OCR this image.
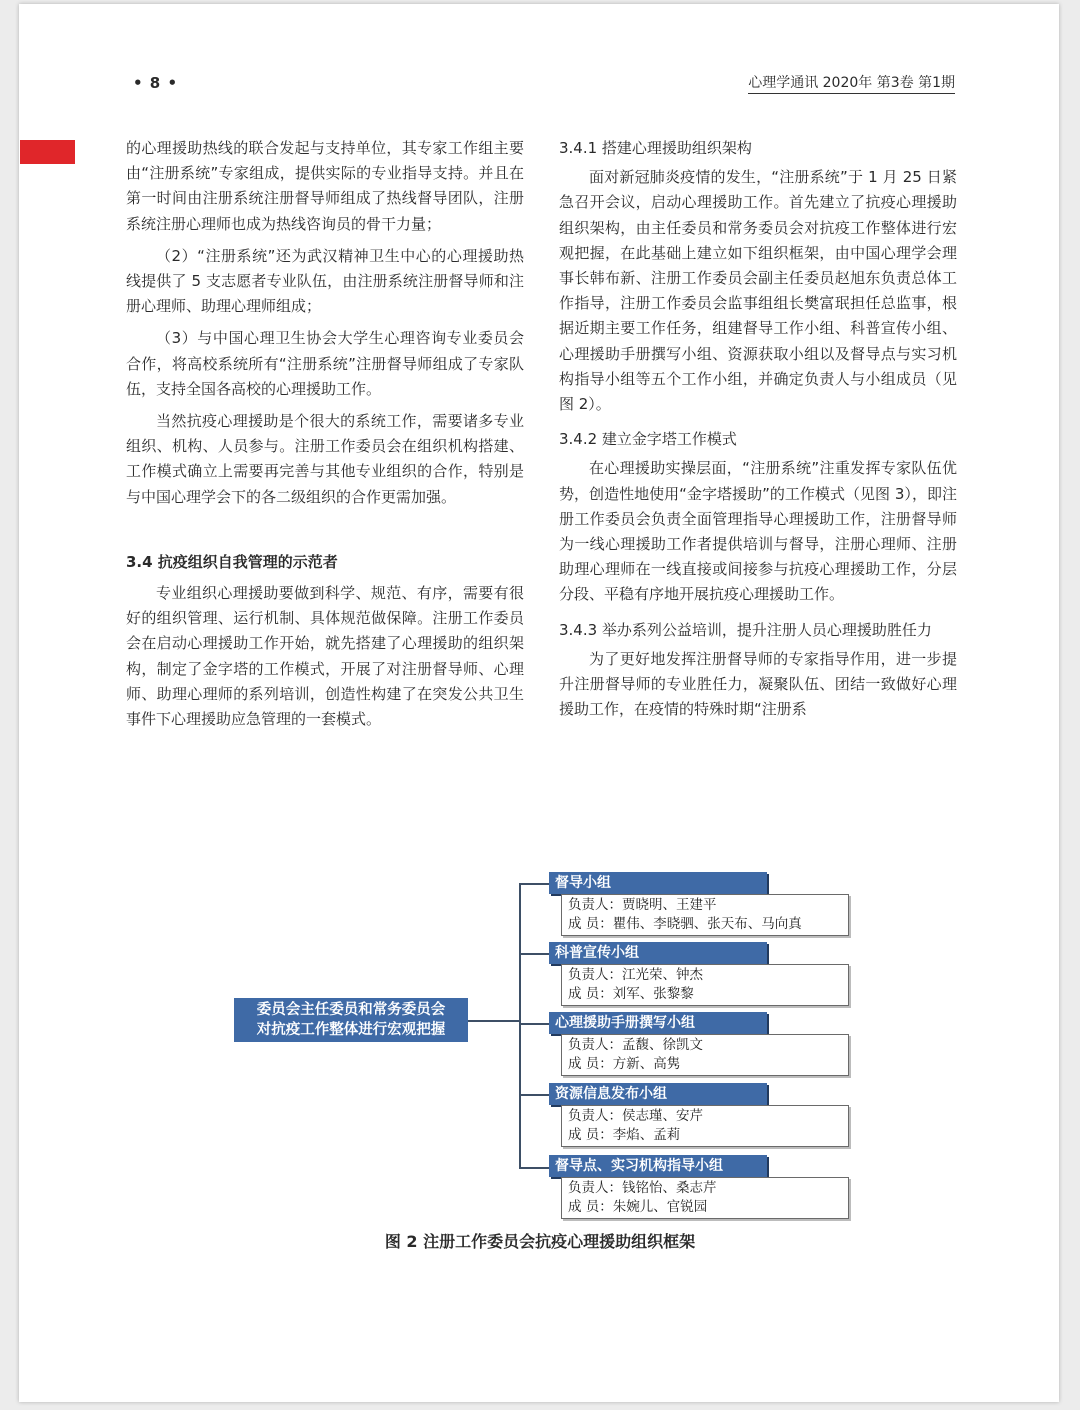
• 8 •	心理学通讯 2020年 第3卷 第1期

的心理援助热线的联合发起与支持单位，其专家工作组主要由“注册系统”专家组成，提供实际的专业指导支持。并且在第一时间由注册系统注册督导师组成了热线督导团队，注册系统注册心理师也成为热线咨询员的骨干力量；

（2）“注册系统”还为武汉精神卫生中心的心理援助热线提供了 5 支志愿者专业队伍，由注册系统注册督导师和注册心理师、助理心理师组成；

（3）与中国心理卫生协会大学生心理咨询专业委员会合作，将高校系统所有“注册系统”注册督导师组成了专家队伍，支持全国各高校的心理援助工作。

当然抗疫心理援助是个很大的系统工作，需要诸多专业组织、机构、人员参与。注册工作委员会在组织机构搭建、工作模式确立上需要再完善与其他专业组织的合作，特别是与中国心理学会下的各二级组织的合作更需加强。

3.4 抗疫组织自我管理的示范者

专业组织心理援助要做到科学、规范、有序，需要有很好的组织管理、运行机制、具体规范做保障。注册工作委员会在启动心理援助工作开始，就先搭建了心理援助的组织架构，制定了金字塔的工作模式，开展了对注册督导师、心理师、助理心理师的系列培训，创造性构建了在突发公共卫生事件下心理援助应急管理的一套模式。

3.4.1 搭建心理援助组织架构

面对新冠肺炎疫情的发生，“注册系统”于 1 月 25 日紧急召开会议，启动心理援助工作。首先建立了抗疫心理援助组织架构，由主任委员和常务委员会对抗疫工作整体进行宏观把握，在此基础上建立如下组织框架，由中国心理学会理事长韩布新、注册工作委员会副主任委员赵旭东负责总体工作指导，注册工作委员会监事组组长樊富珉担任总监事，根据近期主要工作任务，组建督导工作小组、科普宣传小组、心理援助手册撰写小组、资源获取小组以及督导点与实习机构指导小组等五个工作小组，并确定负责人与小组成员（见图 2）。

3.4.2 建立金字塔工作模式

在心理援助实操层面，“注册系统”注重发挥专家队伍优势，创造性地使用“金字塔援助”的工作模式（见图 3），即注册工作委员会负责全面管理指导心理援助工作，注册督导师为一线心理援助工作者提供培训与督导，注册心理师、注册助理心理师在一线直接或间接参与抗疫心理援助工作，分层分段、平稳有序地开展抗疫心理援助工作。

3.4.3 举办系列公益培训，提升注册人员心理援助胜任力

为了更好地发挥注册督导师的专家指导作用，进一步提升注册督导师的专业胜任力，凝聚队伍、团结一致做好心理援助工作，在疫情的特殊时期“注册系

委员会主任委员和常务委员会
对抗疫工作整体进行宏观把握
督导小组
负责人：贾晓明、王建平
成 员：瞿伟、李晓驷、张天布、马向真
科普宣传小组
负责人：江光荣、钟杰
成 员：刘军、张黎黎
心理援助手册撰写小组
负责人：孟馥、徐凯文
成 员：方新、高隽
资源信息发布小组
负责人：侯志瑾、安芹
成 员：李焰、孟莉
督导点、实习机构指导小组
负责人：钱铭怡、桑志芹
成 员：朱婉儿、官锐园
图 2 注册工作委员会抗疫心理援助组织框架
